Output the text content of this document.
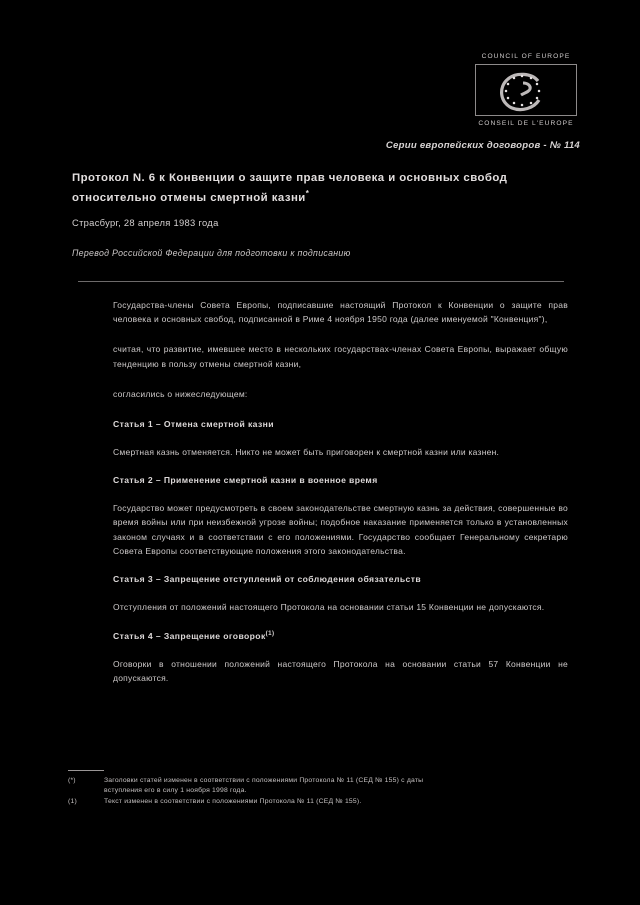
COUNCIL OF EUROPE
CONSEIL DE L'EUROPE
Серии европейских договоров - № 114
Протокол N. 6 к Конвенции о защите прав человека и основных свобод
относительно отмены смертной казни*
Страсбург, 28 апреля 1983 года
Перевод Российской Федерации для подготовки к подписанию

Государства-члены Совета Европы, подписавшие настоящий Протокол к Конвенции о защите прав человека и основных свобод, подписанной в Риме 4 ноября 1950 года (далее именуемой "Конвенция"),

считая, что развитие, имевшее место в нескольких государствах-членах Совета Европы, выражает общую тенденцию в пользу отмены смертной казни,

согласились о нижеследующем:

Статья 1 – Отмена смертной казни

Смертная казнь отменяется. Никто не может быть приговорен к смертной казни или казнен.

Статья 2 – Применение смертной казни в военное время

Государство может предусмотреть в своем законодательстве смертную казнь за действия, совершенные во время войны или при неизбежной угрозе войны; подобное наказание применяется только в установленных законом случаях и в соответствии с его положениями. Государство сообщает Генеральному секретарю Совета Европы соответствующие положения этого законодательства.

Статья 3 – Запрещение отступлений от соблюдения обязательств

Отступления от положений настоящего Протокола на основании статьи 15 Конвенции не допускаются.

Статья 4 – Запрещение оговорок$^{(1)}$

Оговорки в отношении положений настоящего Протокола на основании статьи 57 Конвенции не допускаются.

(*)	Заголовки статей изменен в соответствии с положениями Протокола № 11 (СЕД № 155) с даты
вступления его в силу 1 ноября 1998 года.
(1)	Текст изменен в соответствии с положениями Протокола № 11 (СЕД № 155).
